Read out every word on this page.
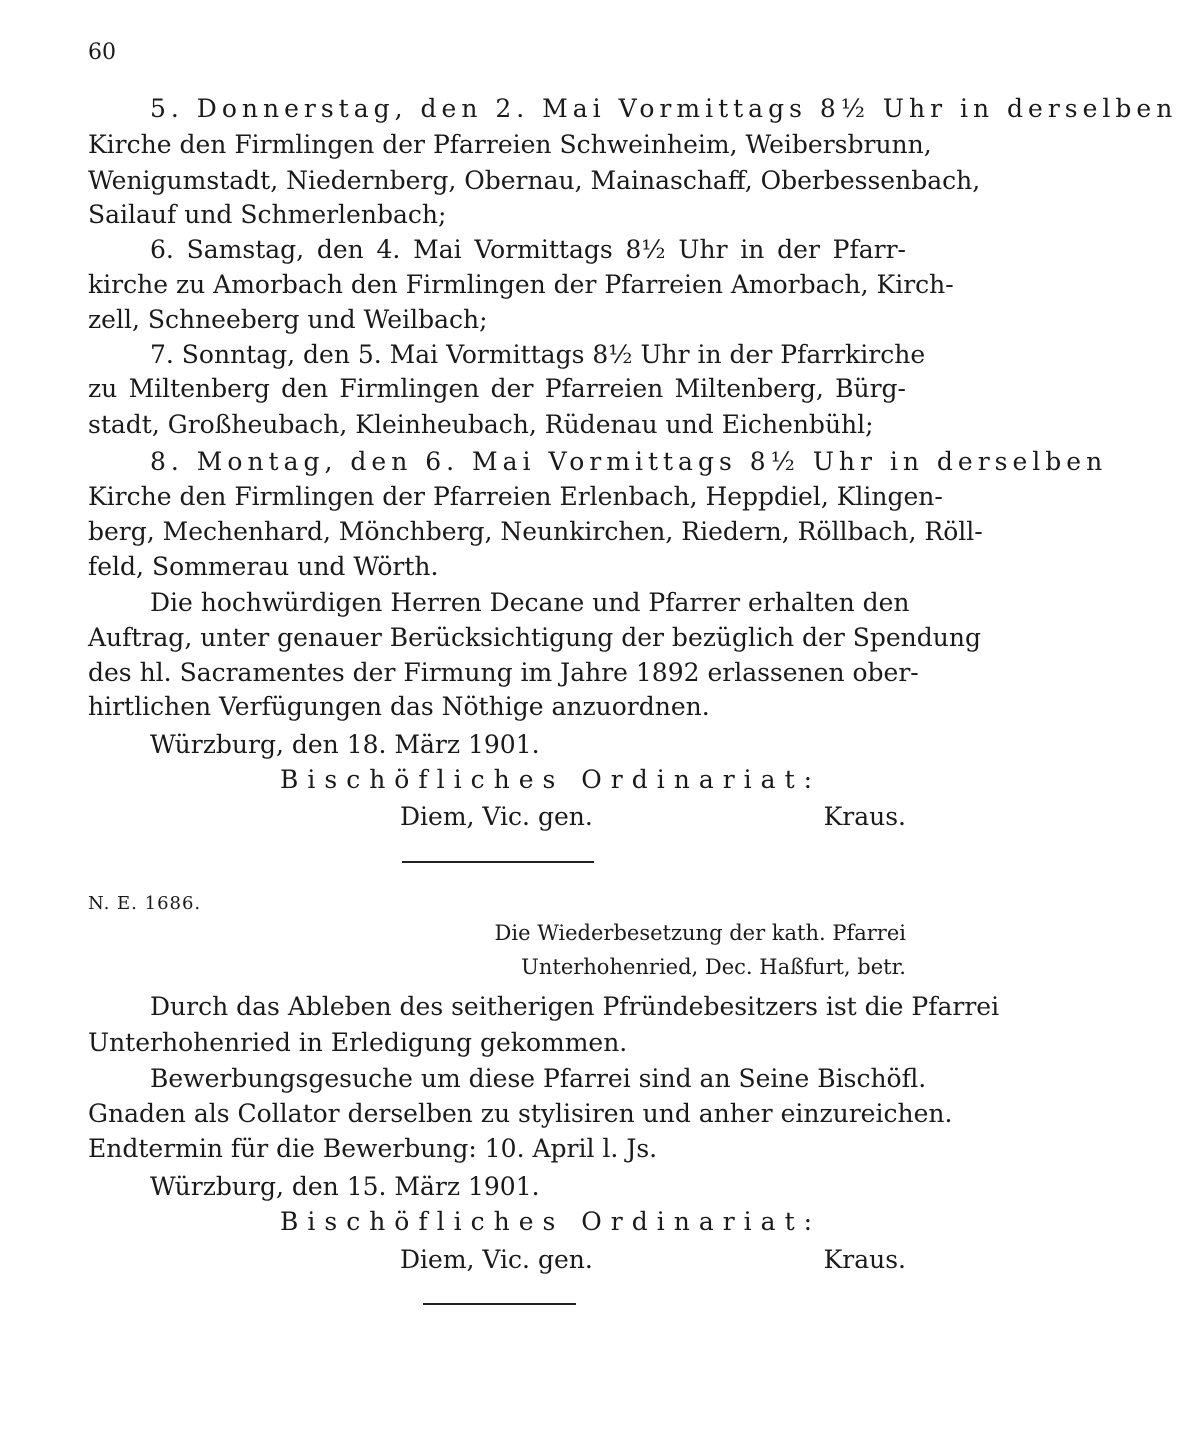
60
5. Donnerstag, den 2. Mai Vormittags 8½ Uhr in derselben
Kirche den Firmlingen der Pfarreien Schweinheim, Weibersbrunn,
Wenigumstadt, Niedernberg, Obernau, Mainaschaff, Oberbessenbach,
Sailauf und Schmerlenbach;
6. Samstag, den 4. Mai Vormittags 8½ Uhr in der Pfarr-
kirche zu Amorbach den Firmlingen der Pfarreien Amorbach, Kirch-
zell, Schneeberg und Weilbach;
7. Sonntag, den 5. Mai Vormittags 8½ Uhr in der Pfarrkirche
zu Miltenberg den Firmlingen der Pfarreien Miltenberg, Bürg-
stadt, Großheubach, Kleinheubach, Rüdenau und Eichenbühl;
8. Montag, den 6. Mai Vormittags 8½ Uhr in derselben
Kirche den Firmlingen der Pfarreien Erlenbach, Heppdiel, Klingen-
berg, Mechenhard, Mönchberg, Neunkirchen, Riedern, Röllbach, Röll-
feld, Sommerau und Wörth.
Die hochwürdigen Herren Decane und Pfarrer erhalten den
Auftrag, unter genauer Berücksichtigung der bezüglich der Spendung
des hl. Sacramentes der Firmung im Jahre 1892 erlassenen ober-
hirtlichen Verfügungen das Nöthige anzuordnen.
Würzburg, den 18. März 1901.
Bischöfliches Ordinariat:
Diem, Vic. gen.	Kraus.
N. E. 1686.
Die Wiederbesetzung der kath. Pfarrei
Unterhohenried, Dec. Haßfurt, betr.
Durch das Ableben des seitherigen Pfründebesitzers ist die Pfarrei
Unterhohenried in Erledigung gekommen.
Bewerbungsgesuche um diese Pfarrei sind an Seine Bischöfl.
Gnaden als Collator derselben zu stylisiren und anher einzureichen.
Endtermin für die Bewerbung: 10. April l. Js.
Würzburg, den 15. März 1901.
Bischöfliches Ordinariat:
Diem, Vic. gen.	Kraus.
